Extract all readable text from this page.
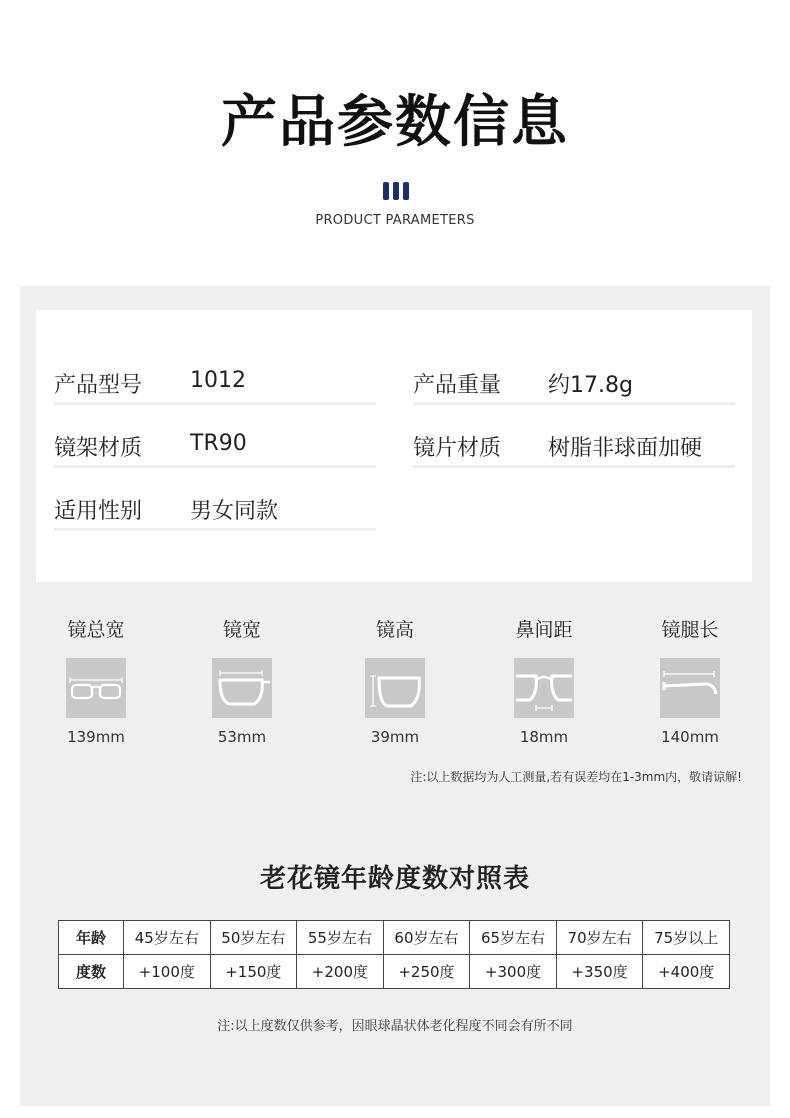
产品参数信息
PRODUCT PARAMETERS
产品型号 1012	产品重量 约17.8g
镜架材质 TR90	镜片材质 树脂非球面加硬
适用性别 男女同款
镜总宽
139mm
镜宽
53mm
镜高
39mm
鼻间距
18mm
镜腿长
140mm
注:以上数据均为人工测量,若有误差均在1-3mm内，敬请谅解!
老花镜年龄度数对照表
年龄	45岁左右	50岁左右	55岁左右	60岁左右	65岁左右	70岁左右	75岁以上
度数	+100度	+150度	+200度	+250度	+300度	+350度	+400度
注:以上度数仅供参考，因眼球晶状体老化程度不同会有所不同
